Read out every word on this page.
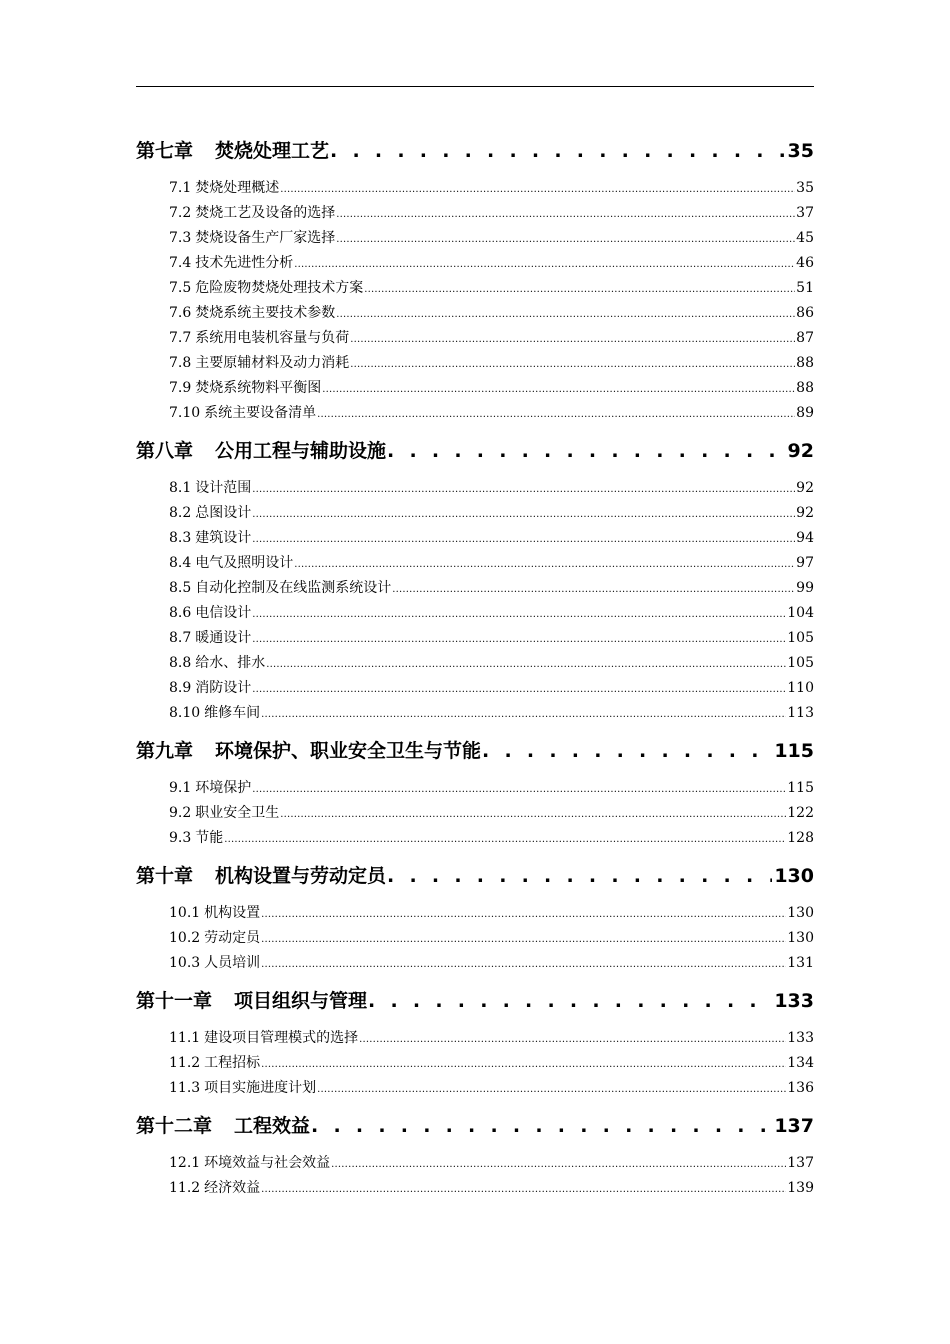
第七章 焚烧处理工艺 . . .	35
7.1 焚烧处理概述 .....	35
7.2 焚烧工艺及设备的选择 .....	37
7.3 焚烧设备生产厂家选择 .....	45
7.4 技术先进性分析 .....	46
7.5 危险废物焚烧处理技术方案 .....	51
7.6 焚烧系统主要技术参数 .....	86
7.7 系统用电装机容量与负荷 .....	87
7.8 主要原辅材料及动力消耗 .....	88
7.9 焚烧系统物料平衡图 .....	88
7.10 系统主要设备清单 .....	89
第八章 公用工程与辅助设施 . . .	92
8.1 设计范围 .....	92
8.2 总图设计 .....	92
8.3 建筑设计 .....	94
8.4 电气及照明设计 .....	97
8.5 自动化控制及在线监测系统设计 .....	99
8.6 电信设计 .....	104
8.7 暖通设计 .....	105
8.8 给水、排水 .....	105
8.9 消防设计 .....	110
8.10 维修车间 .....	113
第九章 环境保护、职业安全卫生与节能 . . .	115
9.1 环境保护 .....	115
9.2 职业安全卫生 .....	122
9.3 节能 .....	128
第十章 机构设置与劳动定员 . . .	130
10.1 机构设置 .....	130
10.2 劳动定员 .....	130
10.3 人员培训 .....	131
第十一章 项目组织与管理 . . .	133
11.1 建设项目管理模式的选择 .....	133
11.2 工程招标 .....	134
11.3 项目实施进度计划 .....	136
第十二章 工程效益 . . .	137
12.1 环境效益与社会效益 .....	137
11.2 经济效益 .....	139
